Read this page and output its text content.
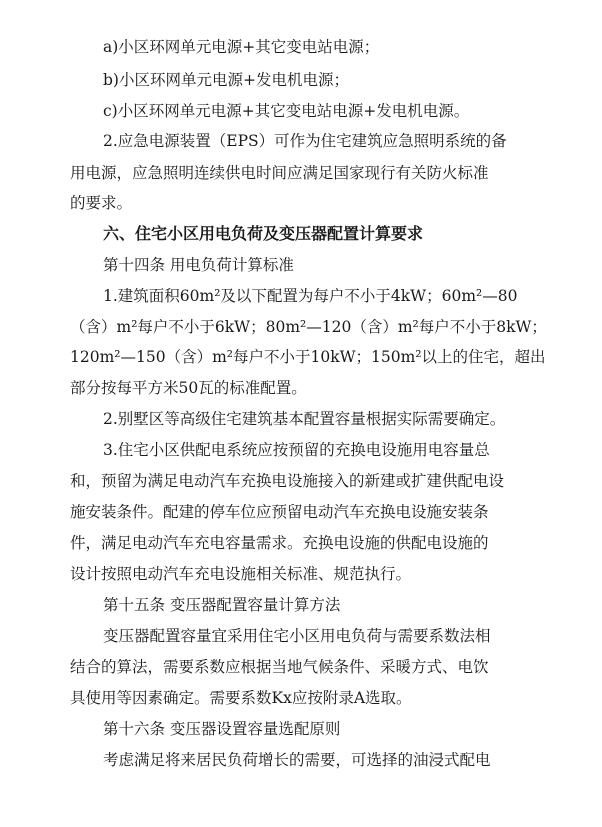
a)小区环网单元电源+其它变电站电源；
b)小区环网单元电源+发电机电源；
c)小区环网单元电源+其它变电站电源+发电机电源。
2.应急电源装置（EPS）可作为住宅建筑应急照明系统的备
用电源，应急照明连续供电时间应满足国家现行有关防火标准
的要求。
六、住宅小区用电负荷及变压器配置计算要求
第十四条 用电负荷计算标准
1.建筑面积60m²及以下配置为每户不小于4kW；60m²—80
（含）m²每户不小于6kW；80m²—120（含）m²每户不小于8kW；
120m²—150（含）m²每户不小于10kW；150m²以上的住宅，超出
部分按每平方米50瓦的标准配置。
2.别墅区等高级住宅建筑基本配置容量根据实际需要确定。
3.住宅小区供配电系统应按预留的充换电设施用电容量总
和，预留为满足电动汽车充换电设施接入的新建或扩建供配电设
施安装条件。配建的停车位应预留电动汽车充换电设施安装条
件，满足电动汽车充电容量需求。充换电设施的供配电设施的
设计按照电动汽车充电设施相关标准、规范执行。
第十五条 变压器配置容量计算方法
变压器配置容量宜采用住宅小区用电负荷与需要系数法相
结合的算法，需要系数应根据当地气候条件、采暖方式、电饮
具使用等因素确定。需要系数Kx应按附录A选取。
第十六条 变压器设置容量选配原则
考虑满足将来居民负荷增长的需要，可选择的油浸式配电
